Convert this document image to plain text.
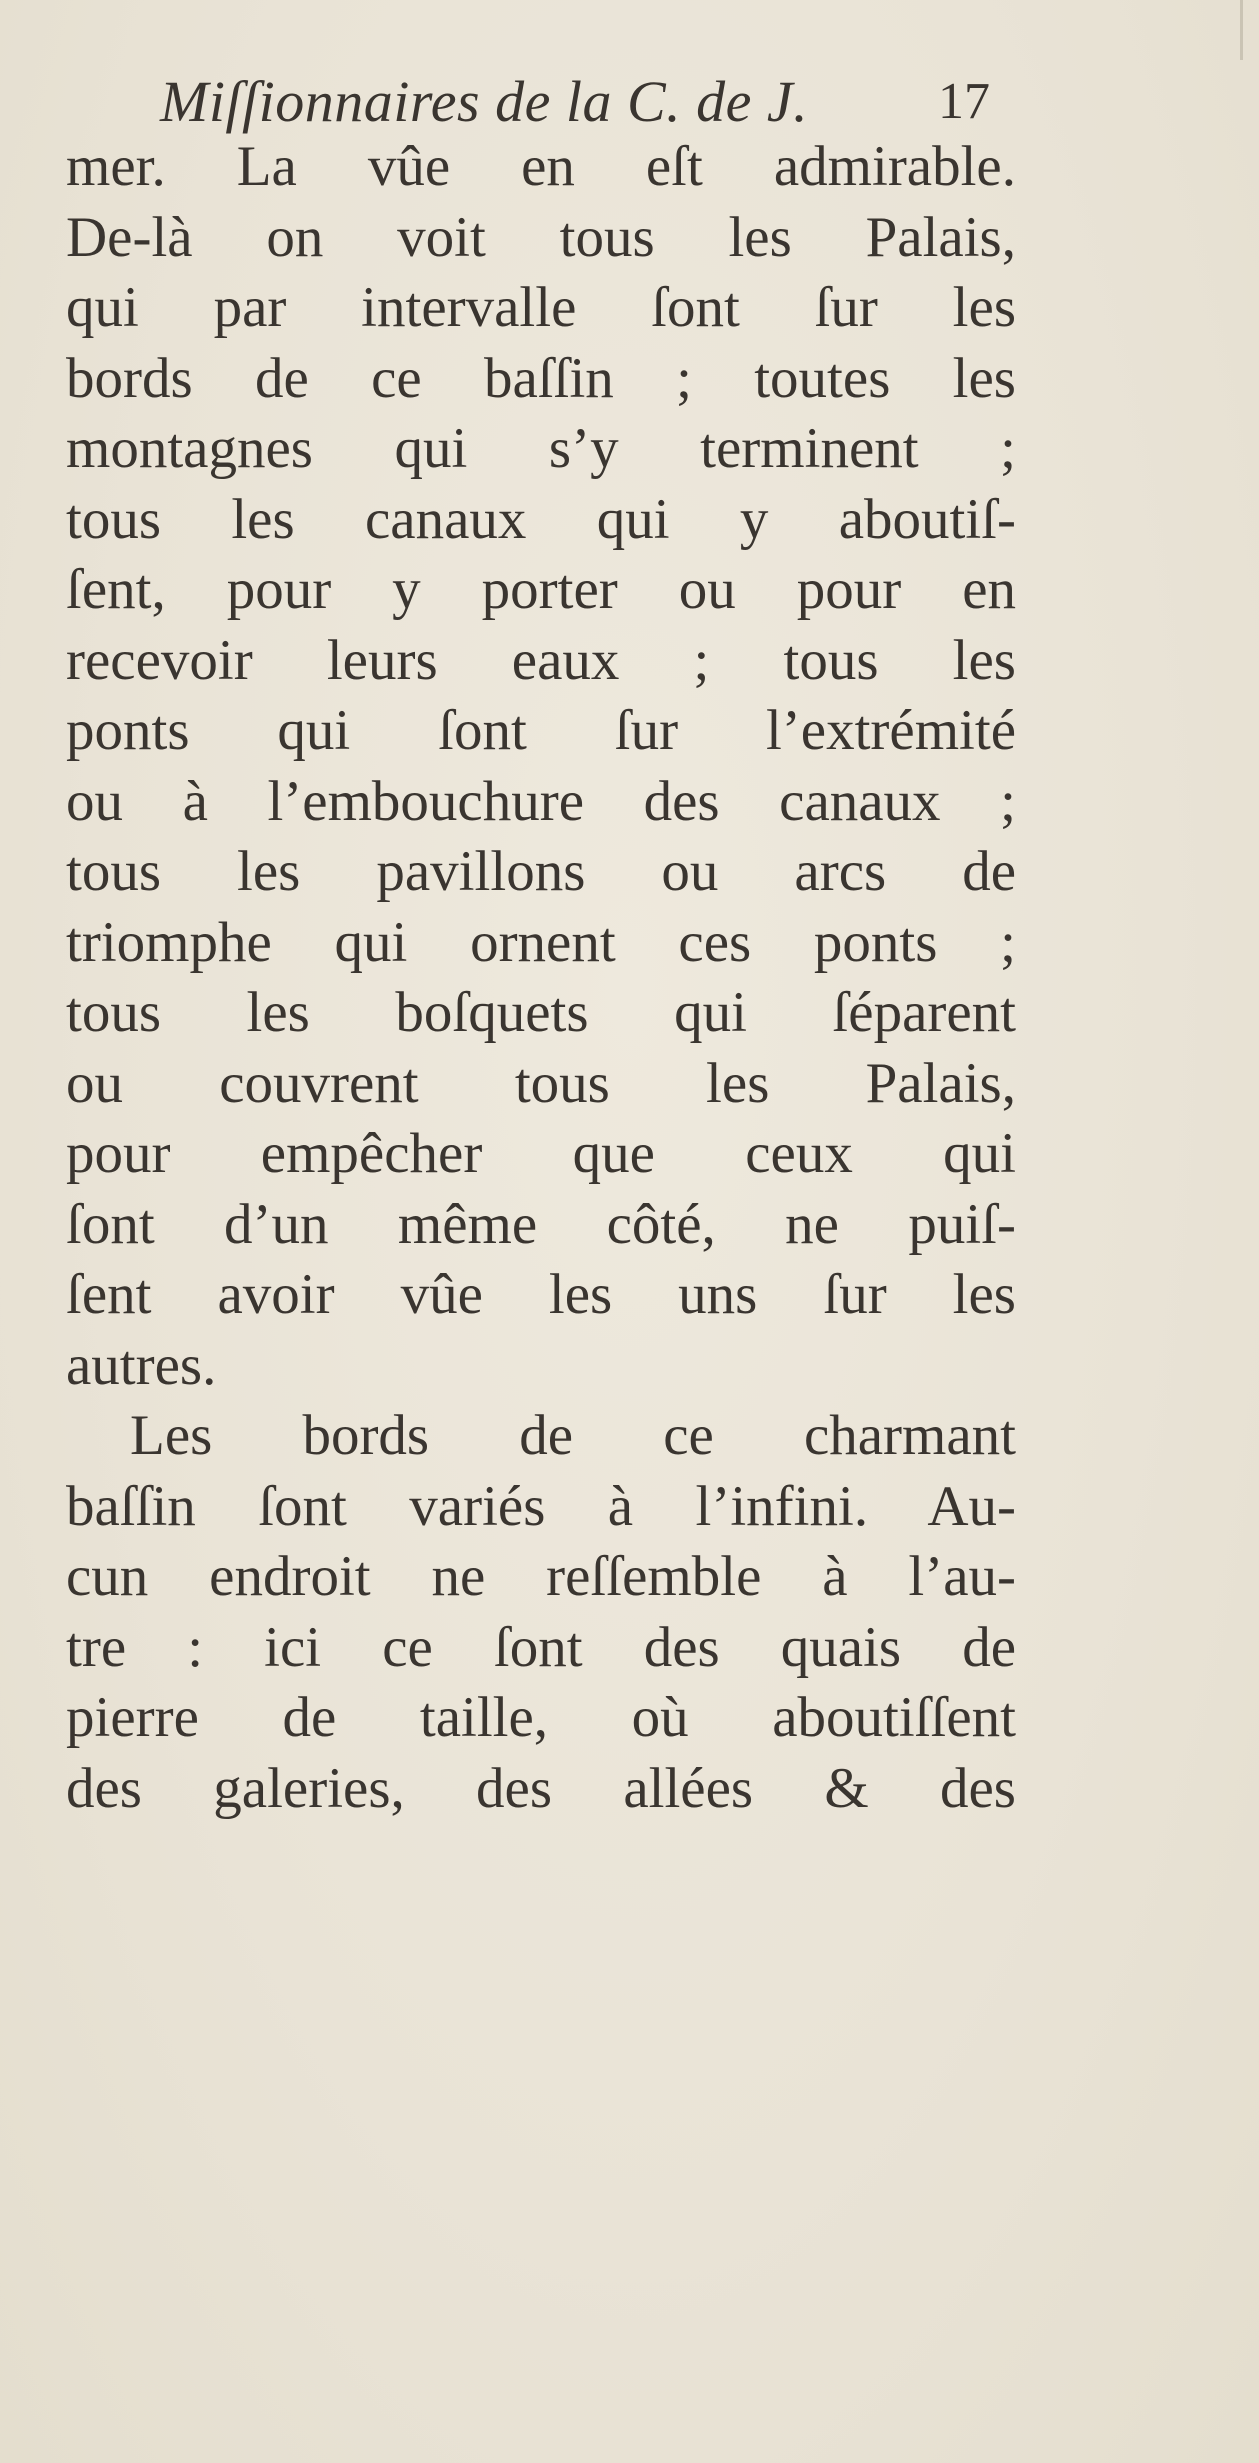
Miſſionnaires de la C. de J. 17
mer. La vûe en eſt admirable.
De-là on voit tous les Palais,
qui par intervalle ſont ſur les
bords de ce baſſin ; toutes les
montagnes qui s’y terminent ;
tous les canaux qui y aboutiſ-
ſent, pour y porter ou pour en
recevoir leurs eaux ; tous les
ponts qui ſont ſur l’extrémité
ou à l’embouchure des canaux ;
tous les pavillons ou arcs de
triomphe qui ornent ces ponts ;
tous les boſquets qui ſéparent
ou couvrent tous les Palais,
pour empêcher que ceux qui
ſont d’un même côté, ne puiſ-
ſent avoir vûe les uns ſur les
autres.
Les bords de ce charmant
baſſin ſont variés à l’infini. Au-
cun endroit ne reſſemble à l’au-
tre : ici ce ſont des quais de
pierre de taille, où aboutiſſent
des galeries, des allées & des
